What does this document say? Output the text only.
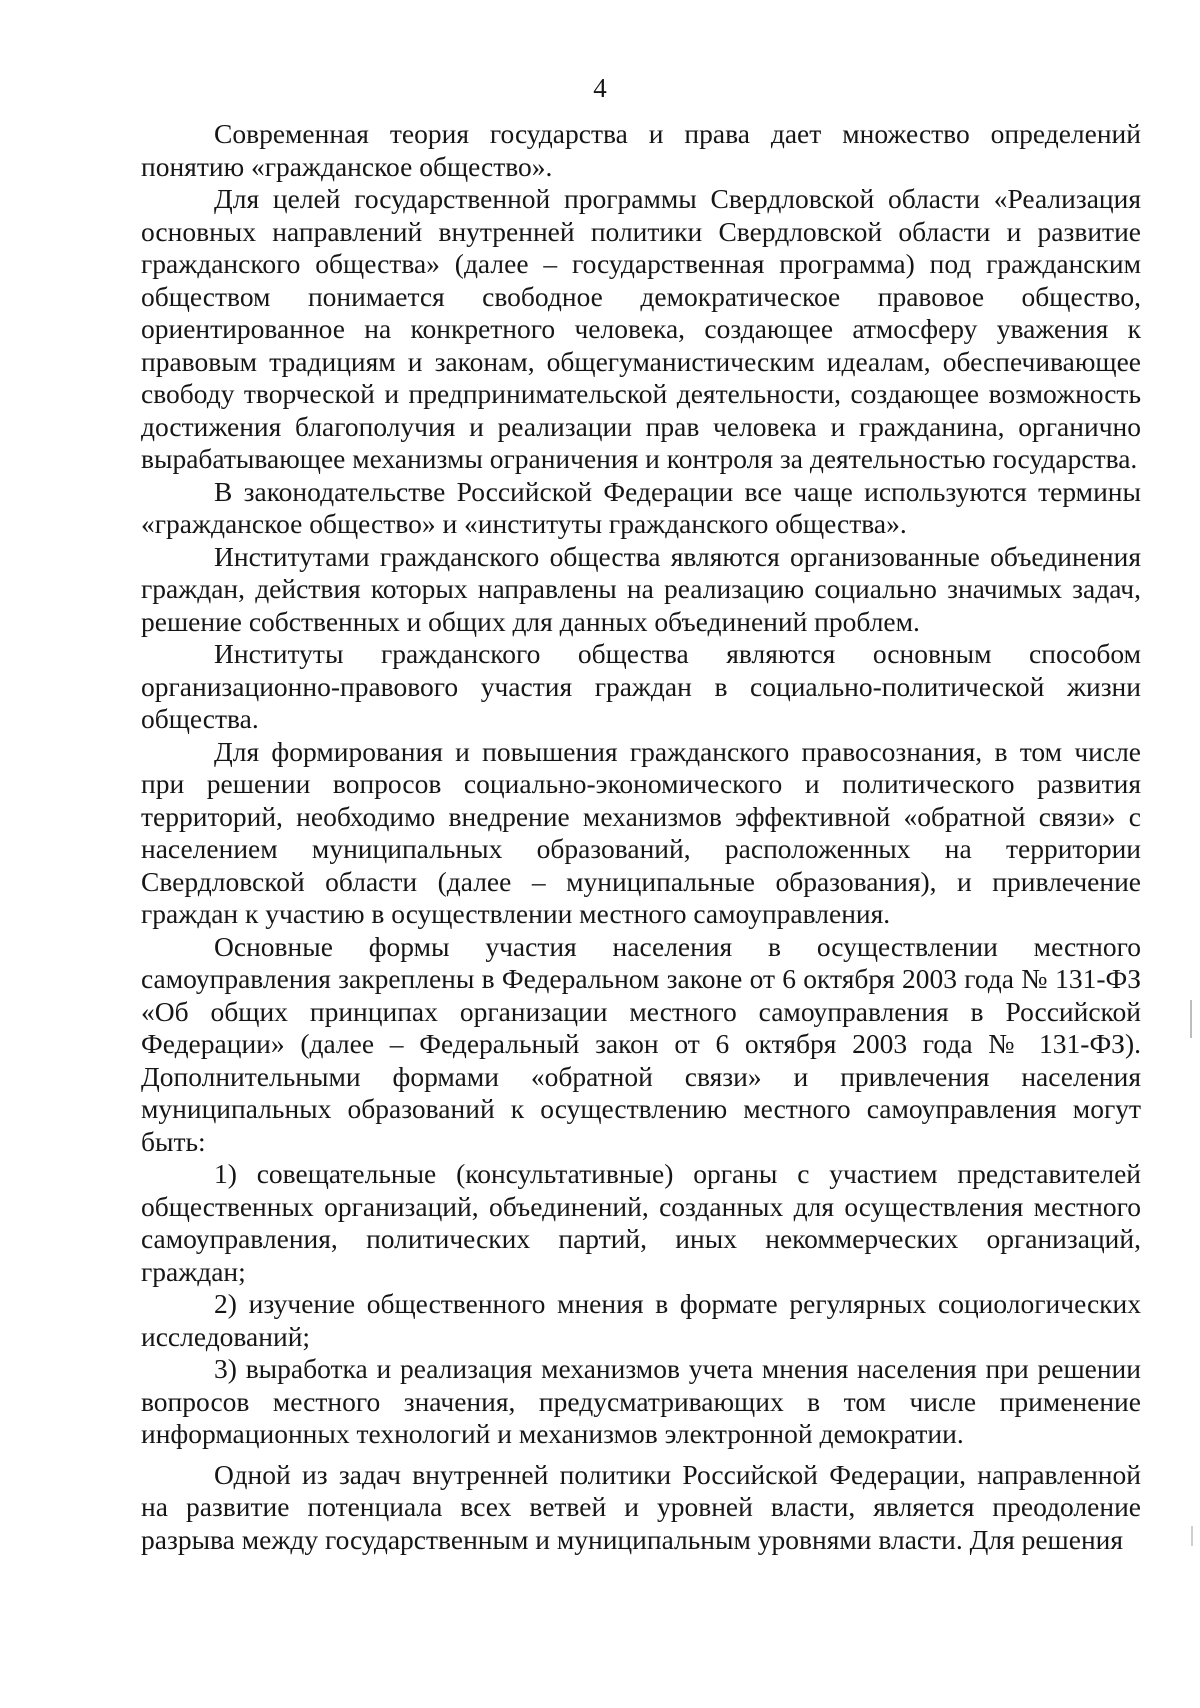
4

Современная теория государства и права дает множество определений понятию «гражданское общество».

Для целей государственной программы Свердловской области «Реализация основных направлений внутренней политики Свердловской области и развитие гражданского общества» (далее – государственная программа) под гражданским обществом понимается свободное демократическое правовое общество, ориентированное на конкретного человека, создающее атмосферу уважения к правовым традициям и законам, общегуманистическим идеалам, обеспечивающее свободу творческой и предпринимательской деятельности, создающее возможность достижения благополучия и реализации прав человека и гражданина, органично вырабатывающее механизмы ограничения и контроля за деятельностью государства.

В законодательстве Российской Федерации все чаще используются термины «гражданское общество» и «институты гражданского общества».

Институтами гражданского общества являются организованные объединения граждан, действия которых направлены на реализацию социально значимых задач, решение собственных и общих для данных объединений проблем.

Институты гражданского общества являются основным способом организационно-правового участия граждан в социально-политической жизни общества.

Для формирования и повышения гражданского правосознания, в том числе при решении вопросов социально-экономического и политического развития территорий, необходимо внедрение механизмов эффективной «обратной связи» с населением муниципальных образований, расположенных на территории Свердловской области (далее – муниципальные образования), и привлечение граждан к участию в осуществлении местного самоуправления.

Основные формы участия населения в осуществлении местного самоуправления закреплены в Федеральном законе от 6 октября 2003 года № 131-ФЗ «Об общих принципах организации местного самоуправления в Российской Федерации» (далее – Федеральный закон от 6 октября 2003 года № 131-ФЗ). Дополнительными формами «обратной связи» и привлечения населения муниципальных образований к осуществлению местного самоуправления могут быть:

1) совещательные (консультативные) органы с участием представителей общественных организаций, объединений, созданных для осуществления местного самоуправления, политических партий, иных некоммерческих организаций, граждан;

2) изучение общественного мнения в формате регулярных социологических исследований;

3) выработка и реализация механизмов учета мнения населения при решении вопросов местного значения, предусматривающих в том числе применение информационных технологий и механизмов электронной демократии.

Одной из задач внутренней политики Российской Федерации, направленной на развитие потенциала всех ветвей и уровней власти, является преодоление разрыва между государственным и муниципальным уровнями власти. Для решения
